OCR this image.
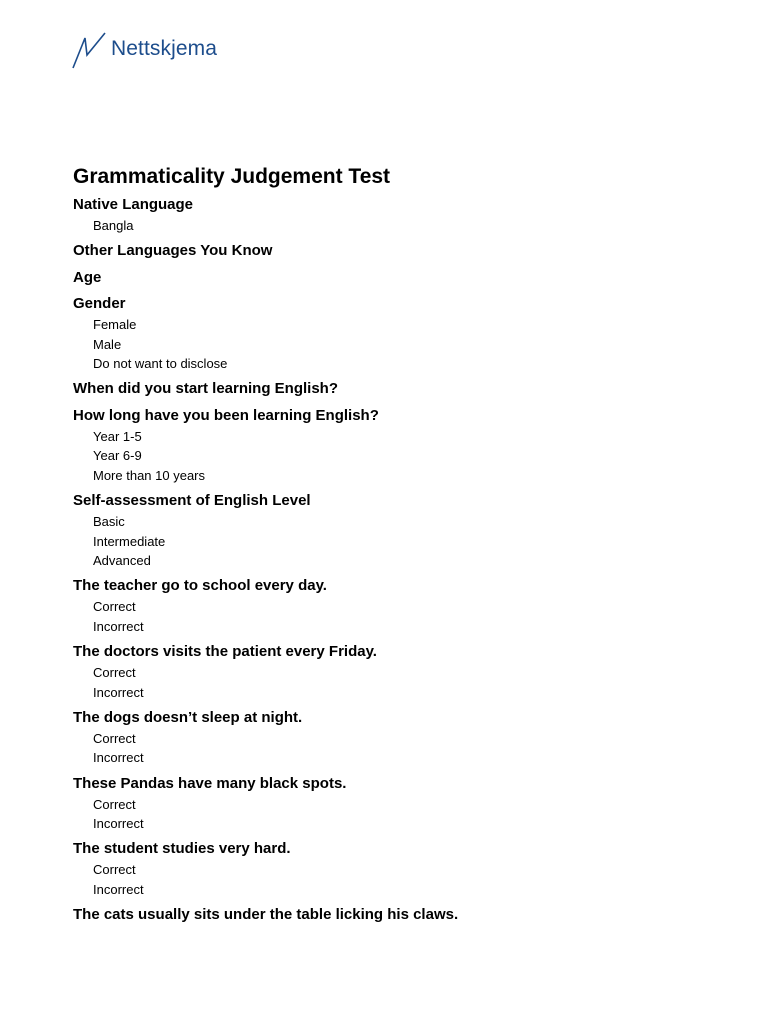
Nettskjema
Grammaticality Judgement Test
Native Language
Bangla
Other Languages You Know
Age
Gender
Female
Male
Do not want to disclose
When did you start learning English?
How long have you been learning English?
Year 1-5
Year 6-9
More than 10 years
Self-assessment of English Level
Basic
Intermediate
Advanced
The teacher go to school every day.
Correct
Incorrect
The doctors visits the patient every Friday.
Correct
Incorrect
The dogs doesn’t sleep at night.
Correct
Incorrect
These Pandas have many black spots.
Correct
Incorrect
The student studies very hard.
Correct
Incorrect
The cats usually sits under the table licking his claws.
